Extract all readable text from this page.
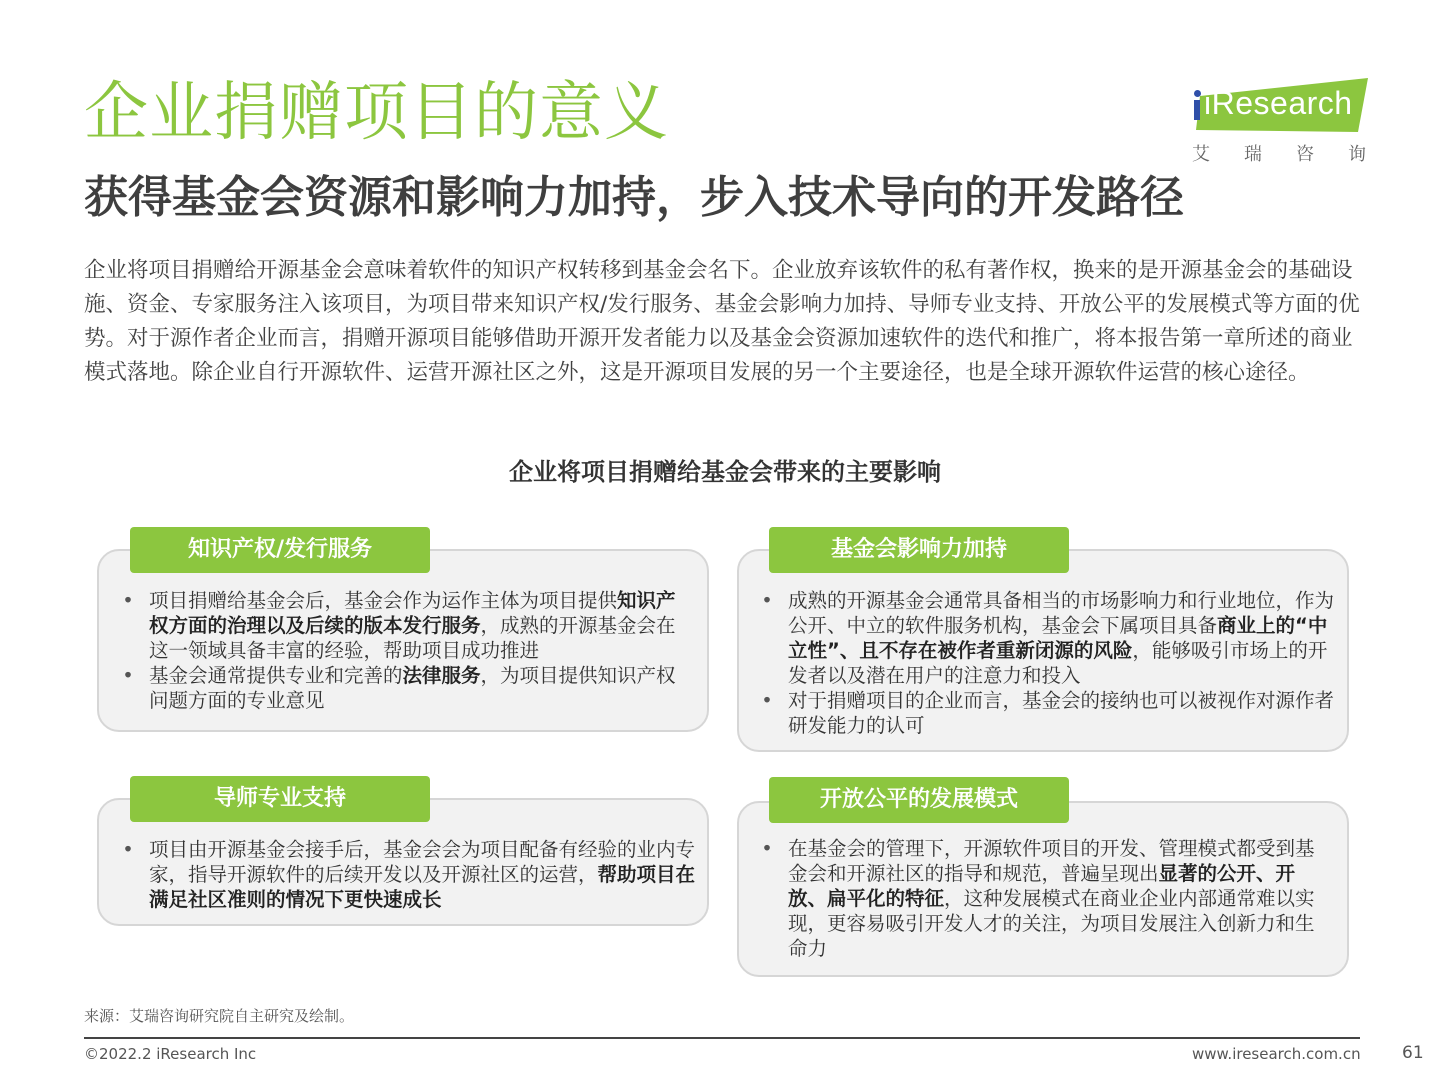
企业捐赠项目的意义
获得基金会资源和影响力加持，步入技术导向的开发路径
iResearch
艾瑞咨询

企业将项目捐赠给开源基金会意味着软件的知识产权转移到基金会名下。企业放弃该软件的私有著作权，换来的是开源基金会的基础设施、资金、专家服务注入该项目，为项目带来知识产权/发行服务、基金会影响力加持、导师专业支持、开放公平的发展模式等方面的优势。对于源作者企业而言，捐赠开源项目能够借助开源开发者能力以及基金会资源加速软件的迭代和推广，将本报告第一章所述的商业模式落地。除企业自行开源软件、运营开源社区之外，这是开源项目发展的另一个主要途径，也是全球开源软件运营的核心途径。

企业将项目捐赠给基金会带来的主要影响
知识产权/发行服务
• 项目捐赠给基金会后，基金会作为运作主体为项目提供知识产权方面的治理以及后续的版本发行服务，成熟的开源基金会在这一领域具备丰富的经验，帮助项目成功推进
• 基金会通常提供专业和完善的法律服务，为项目提供知识产权问题方面的专业意见
基金会影响力加持
• 成熟的开源基金会通常具备相当的市场影响力和行业地位，作为公开、中立的软件服务机构，基金会下属项目具备商业上的“中立性”、且不存在被作者重新闭源的风险，能够吸引市场上的开发者以及潜在用户的注意力和投入
• 对于捐赠项目的企业而言，基金会的接纳也可以被视作对源作者研发能力的认可
导师专业支持
• 项目由开源基金会接手后，基金会会为项目配备有经验的业内专家，指导开源软件的后续开发以及开源社区的运营，帮助项目在满足社区准则的情况下更快速成长
开放公平的发展模式
• 在基金会的管理下，开源软件项目的开发、管理模式都受到基金会和开源社区的指导和规范，普遍呈现出显著的公开、开放、扁平化的特征，这种发展模式在商业企业内部通常难以实现，更容易吸引开发人才的关注，为项目发展注入创新力和生命力
来源：艾瑞咨询研究院自主研究及绘制。
©2022.2 iResearch Inc	www.iresearch.com.cn 61
